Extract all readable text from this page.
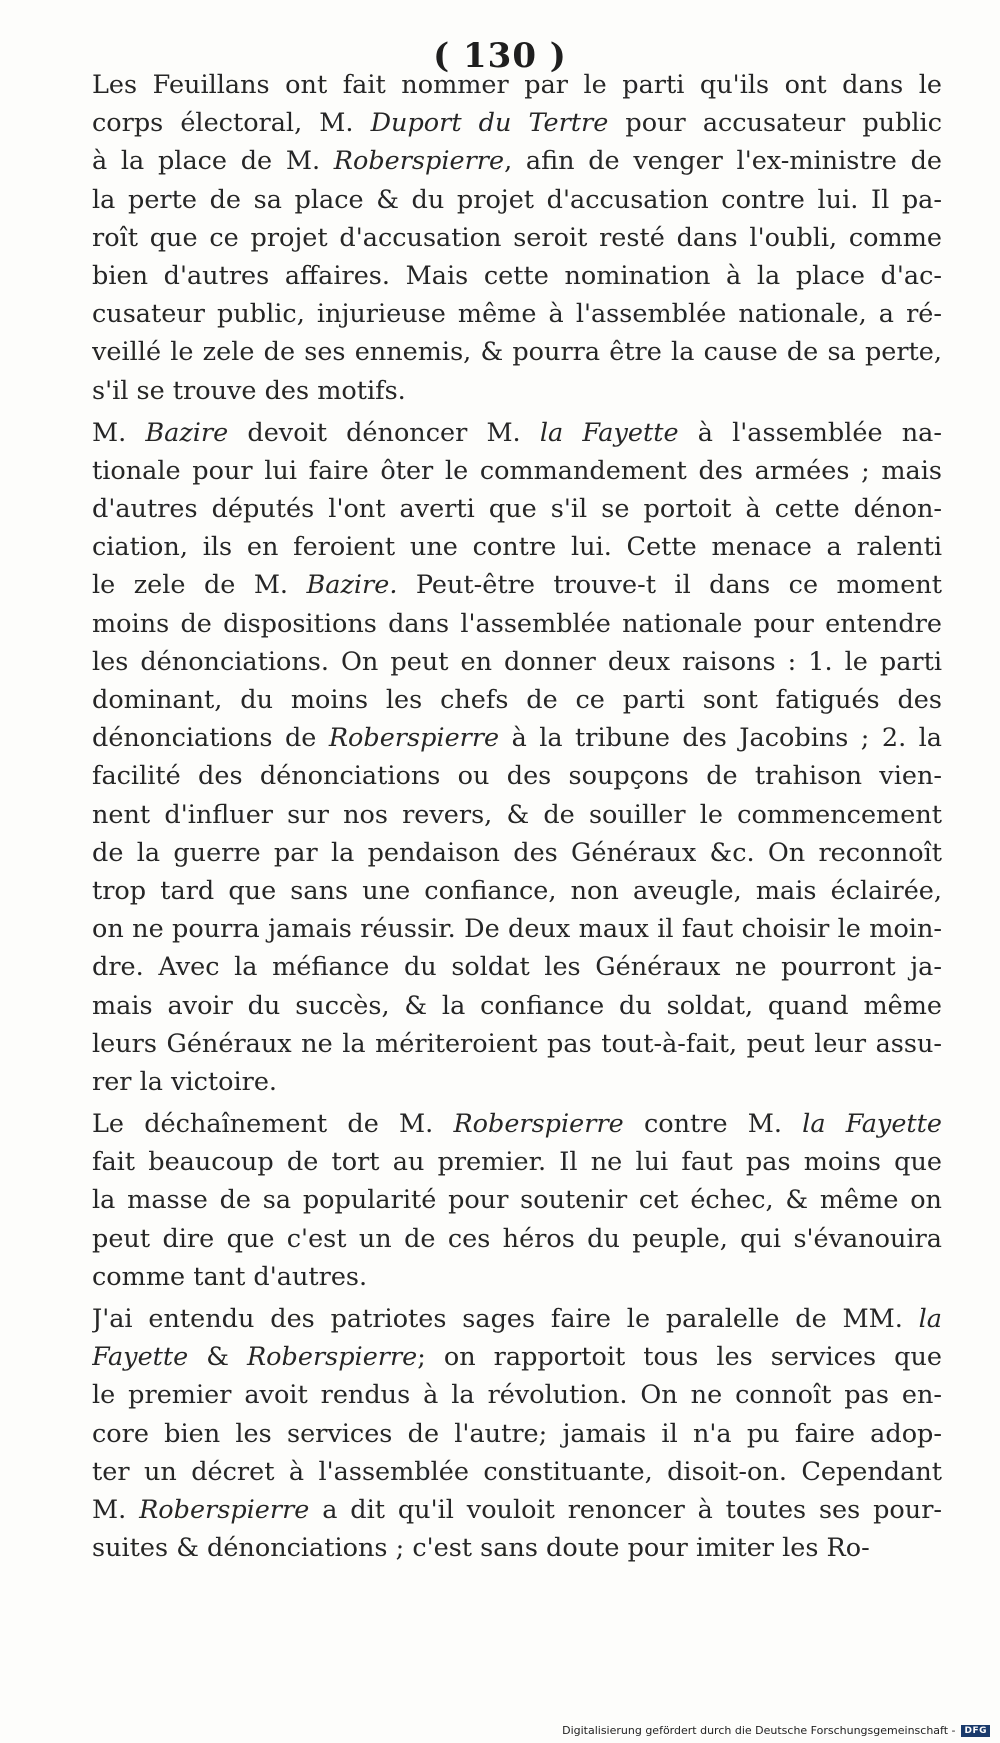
( 130 )
Les Feuillans ont fait nommer par le parti qu'ils ont dans le
corps électoral, M. Duport du Tertre pour accusateur public
à la place de M. Roberspierre, afin de venger l'ex-ministre de
la perte de sa place & du projet d'accusation contre lui. Il pa-
roît que ce projet d'accusation seroit resté dans l'oubli, comme
bien d'autres affaires. Mais cette nomination à la place d'ac-
cusateur public, injurieuse même à l'assemblée nationale, a ré-
veillé le zele de ses ennemis, & pourra être la cause de sa perte,
s'il se trouve des motifs.
M. Bazire devoit dénoncer M. la Fayette à l'assemblée na-
tionale pour lui faire ôter le commandement des armées ; mais
d'autres députés l'ont averti que s'il se portoit à cette dénon-
ciation, ils en feroient une contre lui. Cette menace a ralenti
le zele de M. Bazire. Peut-être trouve-t il dans ce moment
moins de dispositions dans l'assemblée nationale pour entendre
les dénonciations. On peut en donner deux raisons : 1. le parti
dominant, du moins les chefs de ce parti sont fatigués des
dénonciations de Roberspierre à la tribune des Jacobins ; 2. la
facilité des dénonciations ou des soupçons de trahison vien-
nent d'influer sur nos revers, & de souiller le commencement
de la guerre par la pendaison des Généraux &c. On reconnoît
trop tard que sans une confiance, non aveugle, mais éclairée,
on ne pourra jamais réussir. De deux maux il faut choisir le moin-
dre. Avec la méfiance du soldat les Généraux ne pourront ja-
mais avoir du succès, & la confiance du soldat, quand même
leurs Généraux ne la mériteroient pas tout-à-fait, peut leur assu-
rer la victoire.
Le déchaînement de M. Roberspierre contre M. la Fayette
fait beaucoup de tort au premier. Il ne lui faut pas moins que
la masse de sa popularité pour soutenir cet échec, & même on
peut dire que c'est un de ces héros du peuple, qui s'évanouira
comme tant d'autres.
J'ai entendu des patriotes sages faire le paralelle de MM. la
Fayette & Roberspierre; on rapportoit tous les services que
le premier avoit rendus à la révolution. On ne connoît pas en-
core bien les services de l'autre; jamais il n'a pu faire adop-
ter un décret à l'assemblée constituante, disoit-on. Cependant
M. Roberspierre a dit qu'il vouloit renoncer à toutes ses pour-
suites & dénonciations ; c'est sans doute pour imiter les Ro-
Digitalisierung gefördert durch die Deutsche Forschungsgemeinschaft -	DFG
